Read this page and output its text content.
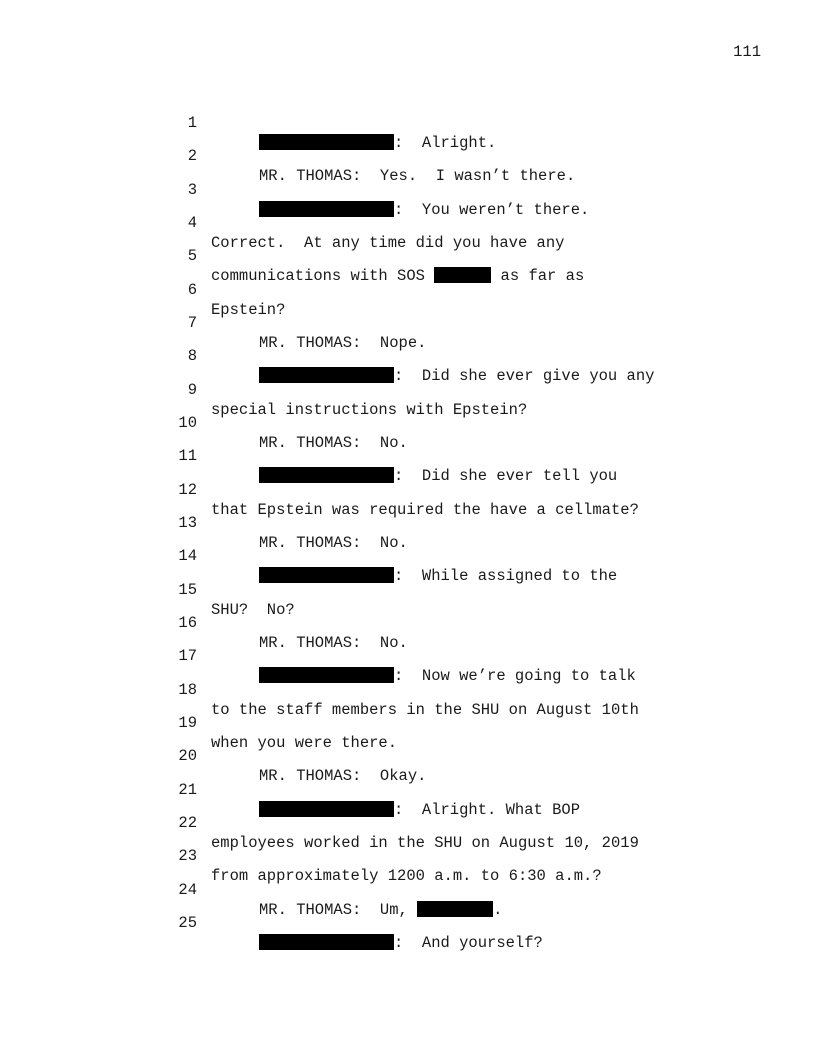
111

1

:  Alright.

2

MR. THOMAS:  Yes.  I wasn’t there.

3

:  You weren’t there.

4

Correct.  At any time did you have any

5

communications with SOS	as far as

6

Epstein?

7

MR. THOMAS:  Nope.

8

:  Did she ever give you any

9

special instructions with Epstein?

10

MR. THOMAS:  No.

11

:  Did she ever tell you

12

that Epstein was required the have a cellmate?

13

MR. THOMAS:  No.

14

:  While assigned to the

15

SHU?  No?

16

MR. THOMAS:  No.

17

:  Now we’re going to talk

18

to the staff members in the SHU on August 10th

19

when you were there.

20

MR. THOMAS:  Okay.

21

:  Alright. What BOP

22

employees worked in the SHU on August 10, 2019

23

from approximately 1200 a.m. to 6:30 a.m.?

24

MR. THOMAS:  Um,	.

25

:  And yourself?
